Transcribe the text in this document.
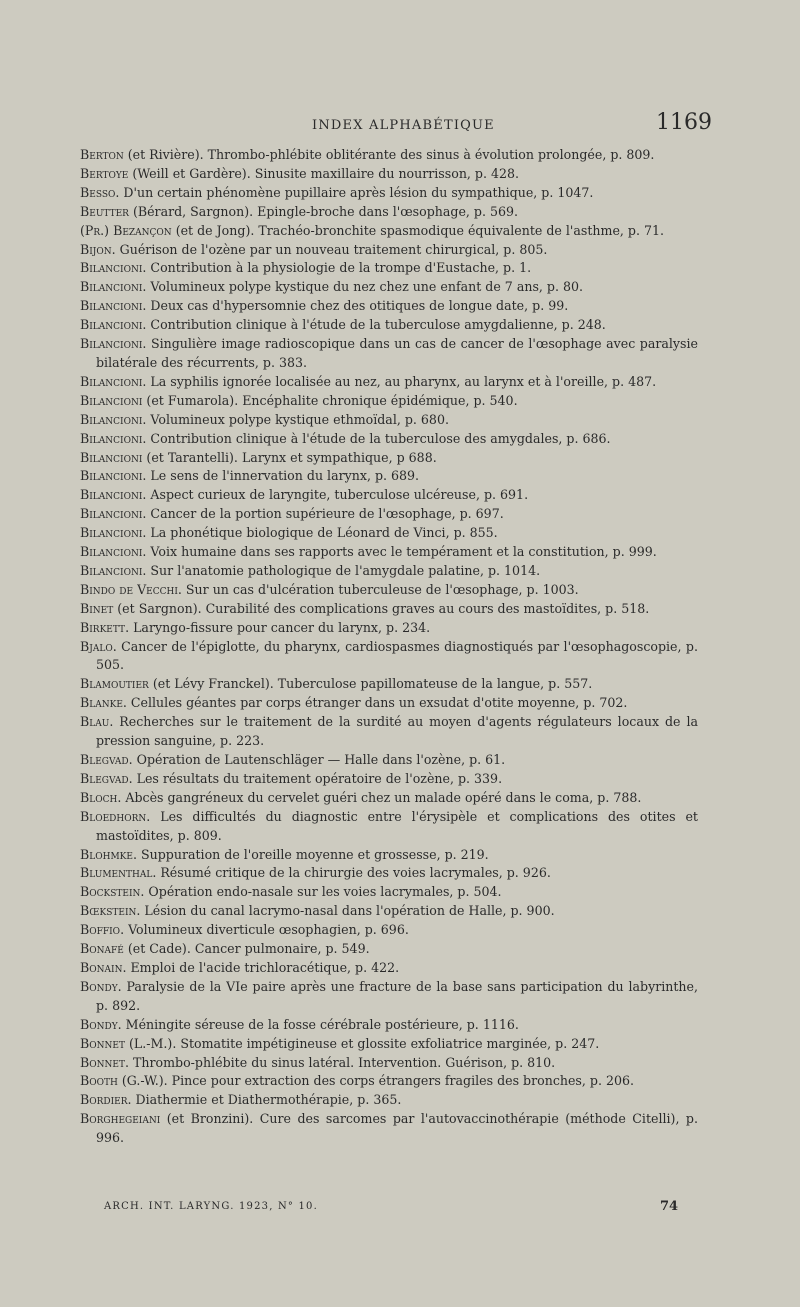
INDEX ALPHABÉTIQUE	1169

Berton (et Rivière). Thrombo-phlébite oblitérante des sinus à évolution prolongée, p. 809.

Bertoye (Weill et Gardère). Sinusite maxillaire du nourrisson, p. 428.

Besso. D'un certain phénomène pupillaire après lésion du sympathique, p. 1047.

Beutter (Bérard, Sargnon). Epingle-broche dans l'œsophage, p. 569.

(Pr.) Bezançon (et de Jong). Trachéo-bronchite spasmodique équivalente de l'asthme, p. 71.

Bijon. Guérison de l'ozène par un nouveau traitement chirurgical, p. 805.

Bilancioni. Contribution à la physiologie de la trompe d'Eustache, p. 1.

Bilancioni. Volumineux polype kystique du nez chez une enfant de 7 ans, p. 80.

Bilancioni. Deux cas d'hypersomnie chez des otitiques de longue date, p. 99.

Bilancioni. Contribution clinique à l'étude de la tuberculose amygdalienne, p. 248.

Bilancioni. Singulière image radioscopique dans un cas de cancer de l'œsophage avec paralysie bilatérale des récurrents, p. 383.

Bilancioni. La syphilis ignorée localisée au nez, au pharynx, au larynx et à l'oreille, p. 487.

Bilancioni (et Fumarola). Encéphalite chronique épidémique, p. 540.

Bilancioni. Volumineux polype kystique ethmoïdal, p. 680.

Bilancioni. Contribution clinique à l'étude de la tuberculose des amygdales, p. 686.

Bilancioni (et Tarantelli). Larynx et sympathique, p 688.

Bilancioni. Le sens de l'innervation du larynx, p. 689.

Bilancioni. Aspect curieux de laryngite, tuberculose ulcéreuse, p. 691.

Bilancioni. Cancer de la portion supérieure de l'œsophage, p. 697.

Bilancioni. La phonétique biologique de Léonard de Vinci, p. 855.

Bilancioni. Voix humaine dans ses rapports avec le tempérament et la constitution, p. 999.

Bilancioni. Sur l'anatomie pathologique de l'amygdale palatine, p. 1014.

Bindo de Vecchi. Sur un cas d'ulcération tuberculeuse de l'œsophage, p. 1003.

Binet (et Sargnon). Curabilité des complications graves au cours des mastoïdites, p. 518.

Birkett. Laryngo-fissure pour cancer du larynx, p. 234.

Bjalo. Cancer de l'épiglotte, du pharynx, cardiospasmes diagnostiqués par l'œsophagoscopie, p. 505.

Blamoutier (et Lévy Franckel). Tuberculose papillomateuse de la langue, p. 557.

Blanke. Cellules géantes par corps étranger dans un exsudat d'otite moyenne, p. 702.

Blau. Recherches sur le traitement de la surdité au moyen d'agents régulateurs locaux de la pression sanguine, p. 223.

Blegvad. Opération de Lautenschläger — Halle dans l'ozène, p. 61.

Blegvad. Les résultats du traitement opératoire de l'ozène, p. 339.

Bloch. Abcès gangréneux du cervelet guéri chez un malade opéré dans le coma, p. 788.

Bloedhorn. Les difficultés du diagnostic entre l'érysipèle et complications des otites et mastoïdites, p. 809.

Blohmke. Suppuration de l'oreille moyenne et grossesse, p. 219.

Blumenthal. Résumé critique de la chirurgie des voies lacrymales, p. 926.

Bockstein. Opération endo-nasale sur les voies lacrymales, p. 504.

Bœkstein. Lésion du canal lacrymo-nasal dans l'opération de Halle, p. 900.

Boffio. Volumineux diverticule œsophagien, p. 696.

Bonafé (et Cade). Cancer pulmonaire, p. 549.

Bonain. Emploi de l'acide trichloracétique, p. 422.

Bondy. Paralysie de la VIe paire après une fracture de la base sans participation du labyrinthe, p. 892.

Bondy. Méningite séreuse de la fosse cérébrale postérieure, p. 1116.

Bonnet (L.-M.). Stomatite impétigineuse et glossite exfoliatrice marginée, p. 247.

Bonnet. Thrombo-phlébite du sinus latéral. Intervention. Guérison, p. 810.

Booth (G.-W.). Pince pour extraction des corps étrangers fragiles des bronches, p. 206.

Bordier. Diathermie et Diathermothérapie, p. 365.

Borghegeiani (et Bronzini). Cure des sarcomes par l'autovaccinothérapie (méthode Citelli), p. 996.

ARCH. INT. LARYNG. 1923, N° 10.	74
